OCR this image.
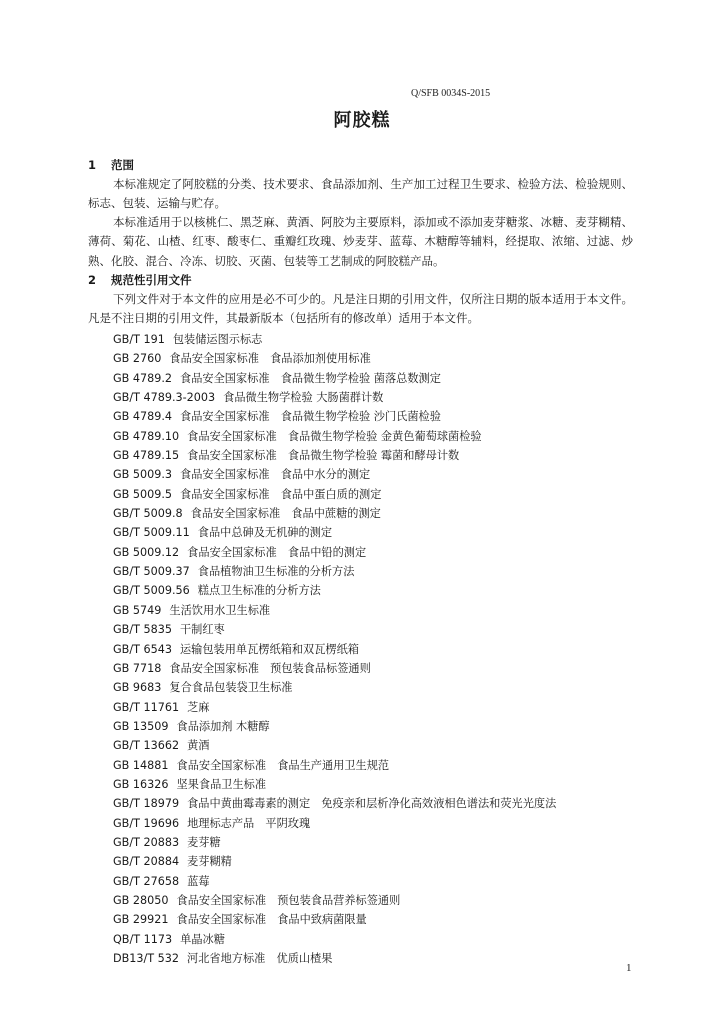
Q/SFB 0034S-2015
阿胶糕
1 范围
本标准规定了阿胶糕的分类、技术要求、食品添加剂、生产加工过程卫生要求、检验方法、检验规则、标志、包装、运输与贮存。
本标准适用于以核桃仁、黑芝麻、黄酒、阿胶为主要原料，添加或不添加麦芽糖浆、冰糖、麦芽糊精、薄荷、菊花、山楂、红枣、酸枣仁、重瓣红玫瑰、炒麦芽、蓝莓、木糖醇等辅料，经提取、浓缩、过滤、炒熟、化胶、混合、冷冻、切胶、灭菌、包装等工艺制成的阿胶糕产品。
2 规范性引用文件
下列文件对于本文件的应用是必不可少的。凡是注日期的引用文件，仅所注日期的版本适用于本文件。凡是不注日期的引用文件，其最新版本（包括所有的修改单）适用于本文件。
GB/T 191 包装储运图示标志
GB 2760 食品安全国家标准　食品添加剂使用标准
GB 4789.2 食品安全国家标准　食品微生物学检验 菌落总数测定
GB/T 4789.3-2003 食品微生物学检验 大肠菌群计数
GB 4789.4 食品安全国家标准　食品微生物学检验 沙门氏菌检验
GB 4789.10 食品安全国家标准　食品微生物学检验 金黄色葡萄球菌检验
GB 4789.15 食品安全国家标准　食品微生物学检验 霉菌和酵母计数
GB 5009.3 食品安全国家标准　食品中水分的测定
GB 5009.5 食品安全国家标准　食品中蛋白质的测定
GB/T 5009.8 食品安全国家标准　食品中蔗糖的测定
GB/T 5009.11 食品中总砷及无机砷的测定
GB 5009.12 食品安全国家标准　食品中铅的测定
GB/T 5009.37 食品植物油卫生标准的分析方法
GB/T 5009.56 糕点卫生标准的分析方法
GB 5749 生活饮用水卫生标准
GB/T 5835 干制红枣
GB/T 6543 运输包装用单瓦楞纸箱和双瓦楞纸箱
GB 7718 食品安全国家标准　预包装食品标签通则
GB 9683 复合食品包装袋卫生标准
GB/T 11761 芝麻
GB 13509 食品添加剂 木糖醇
GB/T 13662 黄酒
GB 14881 食品安全国家标准　食品生产通用卫生规范
GB 16326 坚果食品卫生标准
GB/T 18979 食品中黄曲霉毒素的测定　免疫亲和层析净化高效液相色谱法和荧光光度法
GB/T 19696 地理标志产品　平阴玫瑰
GB/T 20883 麦芽糖
GB/T 20884 麦芽糊精
GB/T 27658 蓝莓
GB 28050 食品安全国家标准　预包装食品营养标签通则
GB 29921 食品安全国家标准　食品中致病菌限量
QB/T 1173 单晶冰糖
DB13/T 532 河北省地方标准　优质山楂果
1
